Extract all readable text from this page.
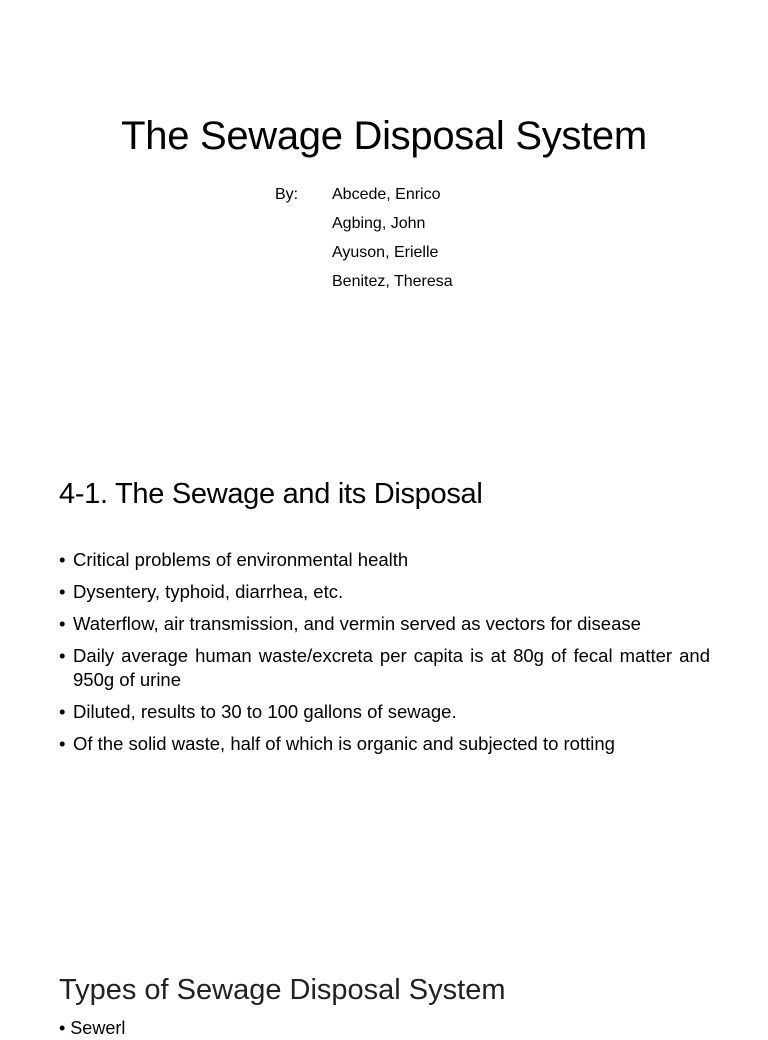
The Sewage Disposal System
By: Abcede, Enrico
Agbing, John
Ayuson, Erielle
Benitez, Theresa
4-1. The Sewage and its Disposal
• Critical problems of environmental health
• Dysentery, typhoid, diarrhea, etc.
• Waterflow, air transmission, and vermin served as vectors for disease
• Daily average human waste/excreta per capita is at 80g of fecal matter and 950g of urine
• Diluted, results to 30 to 100 gallons of sewage.
• Of the solid waste, half of which is organic and subjected to rotting
Types of Sewage Disposal System
• Sewerl
